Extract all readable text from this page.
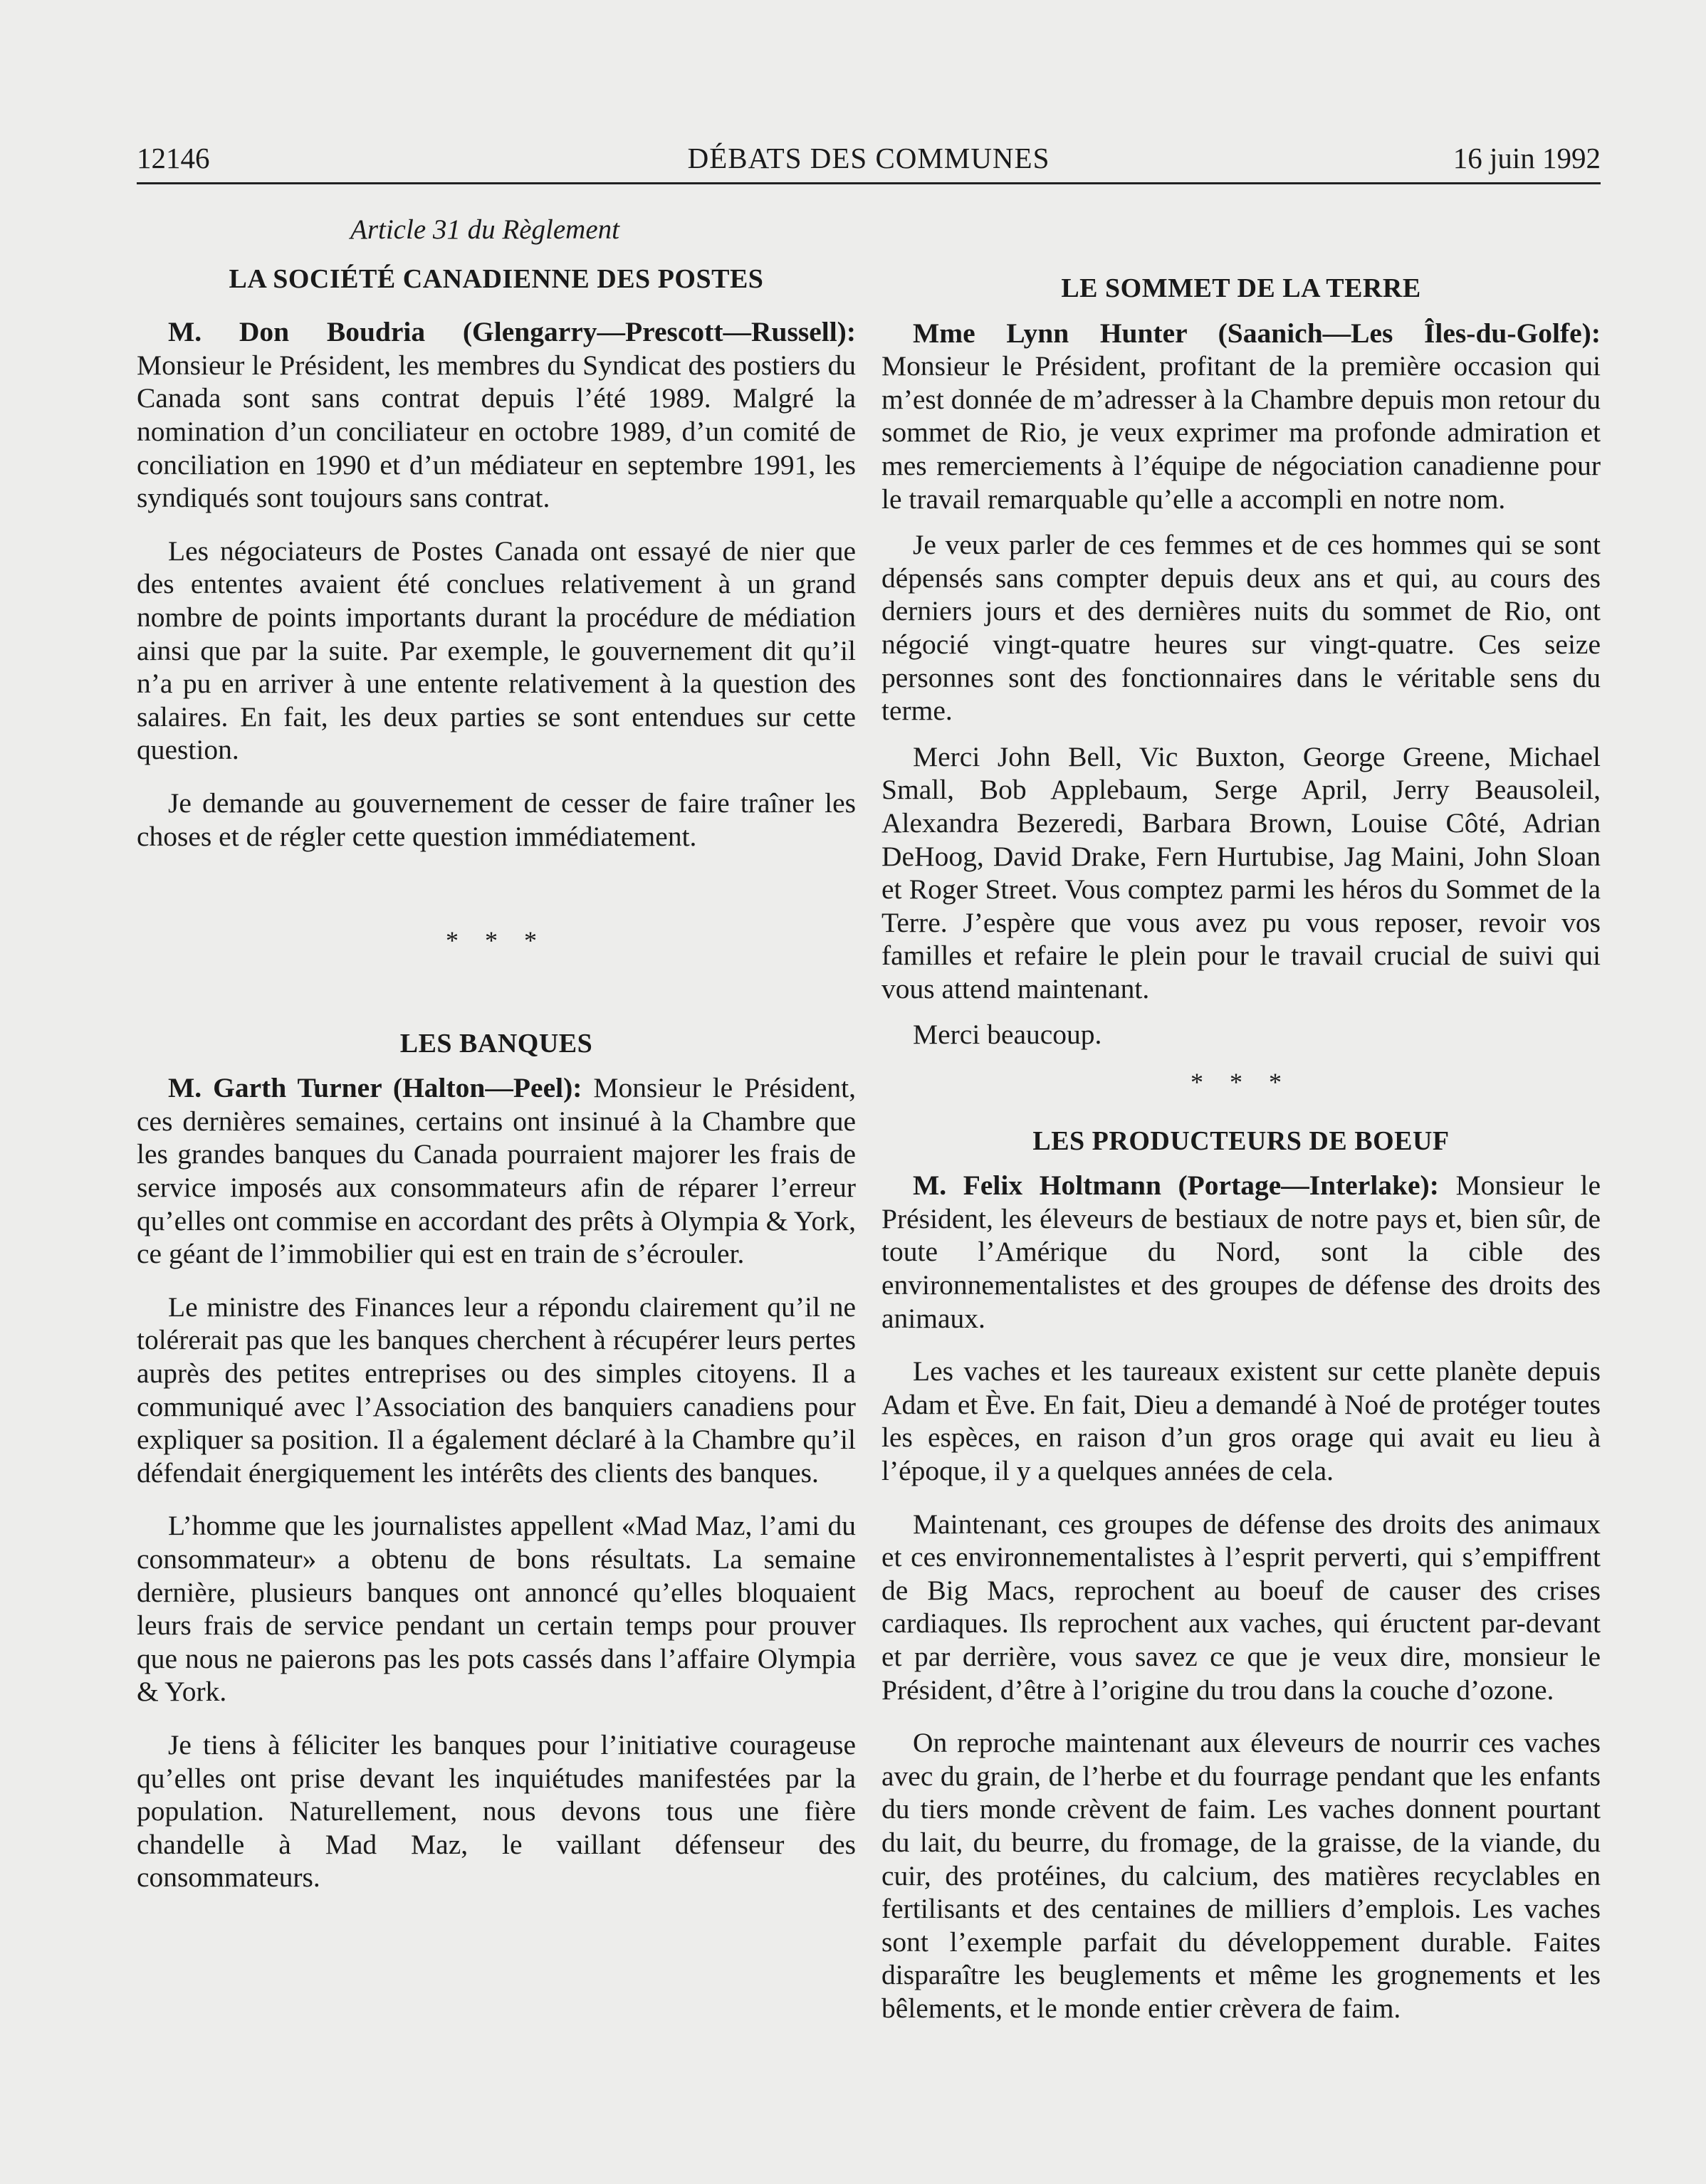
12146	DÉBATS DES COMMUNES	16 juin 1992

Article 31 du Règlement

LA SOCIÉTÉ CANADIENNE DES POSTES

M. Don Boudria (Glengarry—Prescott—Russell): Monsieur le Président, les membres du Syndicat des postiers du Canada sont sans contrat depuis l’été 1989. Malgré la nomination d’un conciliateur en octobre 1989, d’un comité de conciliation en 1990 et d’un médiateur en septembre 1991, les syndiqués sont toujours sans contrat.

Les négociateurs de Postes Canada ont essayé de nier que des ententes avaient été conclues relativement à un grand nombre de points importants durant la procédure de médiation ainsi que par la suite. Par exemple, le gouvernement dit qu’il n’a pu en arriver à une entente relativement à la question des salaires. En fait, les deux parties se sont entendues sur cette question.

Je demande au gouvernement de cesser de faire traîner les choses et de régler cette question immédiatement.

* * *
LES BANQUES

M. Garth Turner (Halton—Peel): Monsieur le Président, ces dernières semaines, certains ont insinué à la Chambre que les grandes banques du Canada pourraient majorer les frais de service imposés aux consommateurs afin de réparer l’erreur qu’elles ont commise en accordant des prêts à Olympia & York, ce géant de l’immobilier qui est en train de s’écrouler.

Le ministre des Finances leur a répondu clairement qu’il ne tolérerait pas que les banques cherchent à récupérer leurs pertes auprès des petites entreprises ou des simples citoyens. Il a communiqué avec l’Association des banquiers canadiens pour expliquer sa position. Il a également déclaré à la Chambre qu’il défendait énergiquement les intérêts des clients des banques.

L’homme que les journalistes appellent «Mad Maz, l’ami du consommateur» a obtenu de bons résultats. La semaine dernière, plusieurs banques ont annoncé qu’elles bloquaient leurs frais de service pendant un certain temps pour prouver que nous ne paierons pas les pots cassés dans l’affaire Olympia & York.

Je tiens à féliciter les banques pour l’initiative courageuse qu’elles ont prise devant les inquiétudes manifestées par la population. Naturellement, nous devons tous une fière chandelle à Mad Maz, le vaillant défenseur des consommateurs.

LE SOMMET DE LA TERRE

Mme Lynn Hunter (Saanich—Les Îles-du-Golfe): Monsieur le Président, profitant de la première occasion qui m’est donnée de m’adresser à la Chambre depuis mon retour du sommet de Rio, je veux exprimer ma profonde admiration et mes remerciements à l’équipe de négociation canadienne pour le travail remarquable qu’elle a accompli en notre nom.

Je veux parler de ces femmes et de ces hommes qui se sont dépensés sans compter depuis deux ans et qui, au cours des derniers jours et des dernières nuits du sommet de Rio, ont négocié vingt-quatre heures sur vingt-quatre. Ces seize personnes sont des fonctionnaires dans le véritable sens du terme.

Merci John Bell, Vic Buxton, George Greene, Michael Small, Bob Applebaum, Serge April, Jerry Beausoleil, Alexandra Bezeredi, Barbara Brown, Louise Côté, Adrian DeHoog, David Drake, Fern Hurtubise, Jag Maini, John Sloan et Roger Street. Vous comptez parmi les héros du Sommet de la Terre. J’espère que vous avez pu vous reposer, revoir vos familles et refaire le plein pour le travail crucial de suivi qui vous attend maintenant.

Merci beaucoup.

* * *
LES PRODUCTEURS DE BOEUF

M. Felix Holtmann (Portage—Interlake): Monsieur le Président, les éleveurs de bestiaux de notre pays et, bien sûr, de toute l’Amérique du Nord, sont la cible des environnementalistes et des groupes de défense des droits des animaux.

Les vaches et les taureaux existent sur cette planète depuis Adam et Ève. En fait, Dieu a demandé à Noé de protéger toutes les espèces, en raison d’un gros orage qui avait eu lieu à l’époque, il y a quelques années de cela.

Maintenant, ces groupes de défense des droits des animaux et ces environnementalistes à l’esprit perverti, qui s’empiffrent de Big Macs, reprochent au boeuf de causer des crises cardiaques. Ils reprochent aux vaches, qui éructent par-devant et par derrière, vous savez ce que je veux dire, monsieur le Président, d’être à l’origine du trou dans la couche d’ozone.

On reproche maintenant aux éleveurs de nourrir ces vaches avec du grain, de l’herbe et du fourrage pendant que les enfants du tiers monde crèvent de faim. Les vaches donnent pourtant du lait, du beurre, du fromage, de la graisse, de la viande, du cuir, des protéines, du calcium, des matières recyclables en fertilisants et des centaines de milliers d’emplois. Les vaches sont l’exemple parfait du développement durable. Faites disparaître les beuglements et même les grognements et les bêlements, et le monde entier crèvera de faim.
